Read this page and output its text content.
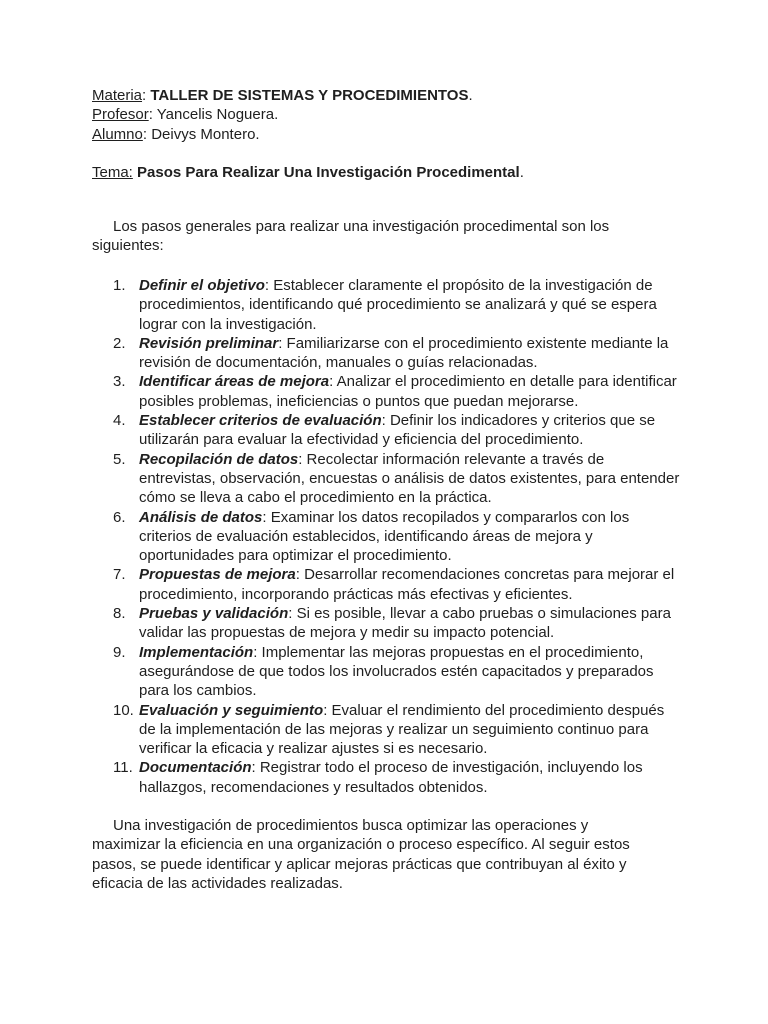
Materia: TALLER DE SISTEMAS Y PROCEDIMIENTOS.
Profesor: Yancelis Noguera.
Alumno: Deivys Montero.
Tema: Pasos Para Realizar Una Investigación Procedimental.
Los pasos generales para realizar una investigación procedimental son los siguientes:
1. Definir el objetivo: Establecer claramente el propósito de la investigación de procedimientos, identificando qué procedimiento se analizará y qué se espera lograr con la investigación.
2. Revisión preliminar: Familiarizarse con el procedimiento existente mediante la revisión de documentación, manuales o guías relacionadas.
3. Identificar áreas de mejora: Analizar el procedimiento en detalle para identificar posibles problemas, ineficiencias o puntos que puedan mejorarse.
4. Establecer criterios de evaluación: Definir los indicadores y criterios que se utilizarán para evaluar la efectividad y eficiencia del procedimiento.
5. Recopilación de datos: Recolectar información relevante a través de entrevistas, observación, encuestas o análisis de datos existentes, para entender cómo se lleva a cabo el procedimiento en la práctica.
6. Análisis de datos: Examinar los datos recopilados y compararlos con los criterios de evaluación establecidos, identificando áreas de mejora y oportunidades para optimizar el procedimiento.
7. Propuestas de mejora: Desarrollar recomendaciones concretas para mejorar el procedimiento, incorporando prácticas más efectivas y eficientes.
8. Pruebas y validación: Si es posible, llevar a cabo pruebas o simulaciones para validar las propuestas de mejora y medir su impacto potencial.
9. Implementación: Implementar las mejoras propuestas en el procedimiento, asegurándose de que todos los involucrados estén capacitados y preparados para los cambios.
10. Evaluación y seguimiento: Evaluar el rendimiento del procedimiento después de la implementación de las mejoras y realizar un seguimiento continuo para verificar la eficacia y realizar ajustes si es necesario.
11. Documentación: Registrar todo el proceso de investigación, incluyendo los hallazgos, recomendaciones y resultados obtenidos.
Una investigación de procedimientos busca optimizar las operaciones y maximizar la eficiencia en una organización o proceso específico. Al seguir estos pasos, se puede identificar y aplicar mejoras prácticas que contribuyan al éxito y eficacia de las actividades realizadas.
